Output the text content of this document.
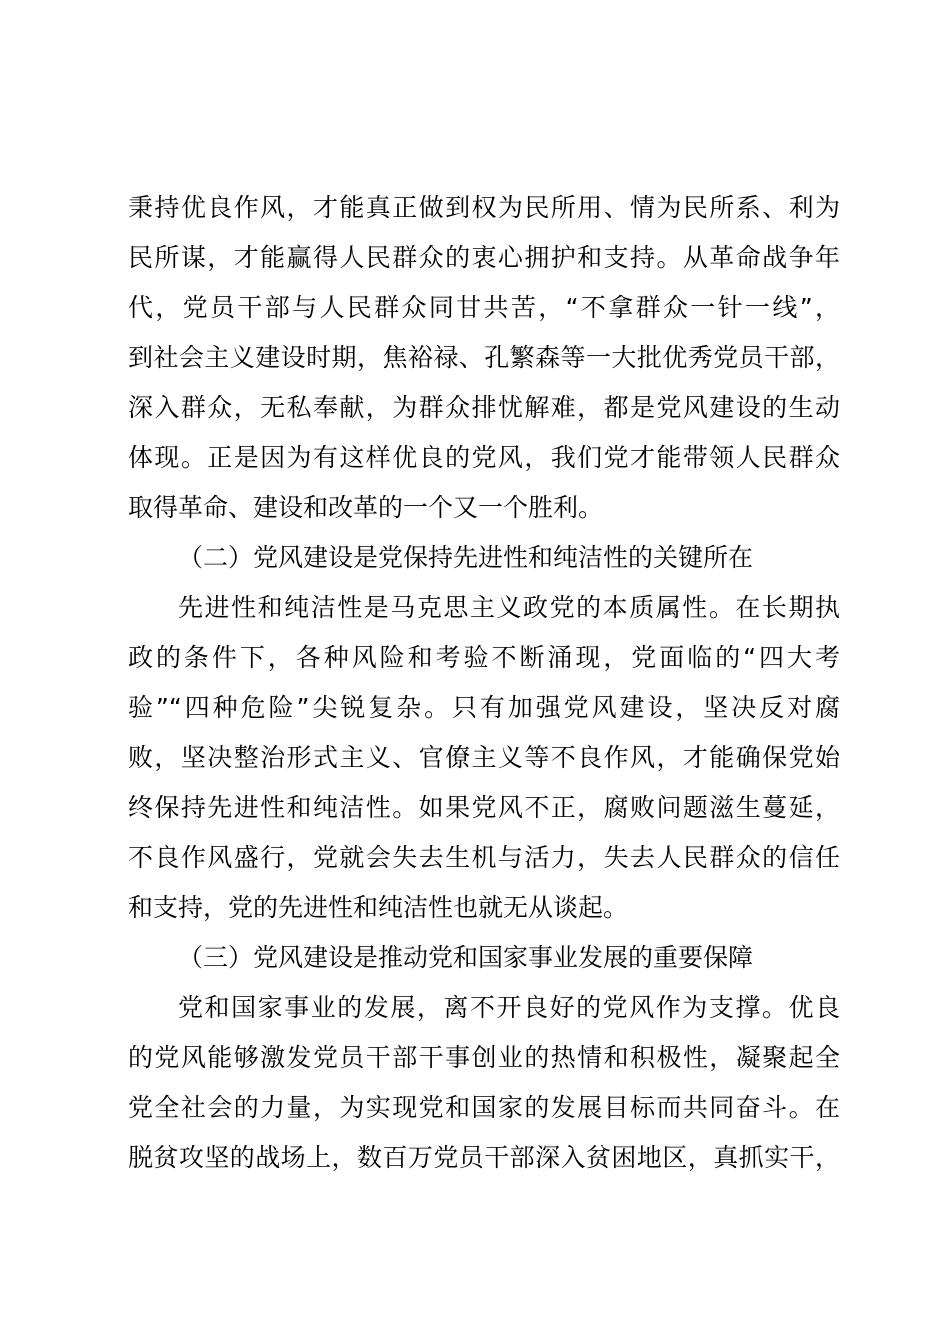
秉持优良作风，才能真正做到权为民所用、情为民所系、利为
民所谋，才能赢得人民群众的衷心拥护和支持。从革命战争年
代，党员干部与人民群众同甘共苦，“不拿群众一针一线”，
到社会主义建设时期，焦裕禄、孔繁森等一大批优秀党员干部，
深入群众，无私奉献，为群众排忧解难，都是党风建设的生动
体现。正是因为有这样优良的党风，我们党才能带领人民群众
取得革命、建设和改革的一个又一个胜利。
（二）党风建设是党保持先进性和纯洁性的关键所在
先进性和纯洁性是马克思主义政党的本质属性。在长期执
政的条件下，各种风险和考验不断涌现，党面临的“四大考
验”“四种危险”尖锐复杂。只有加强党风建设，坚决反对腐
败，坚决整治形式主义、官僚主义等不良作风，才能确保党始
终保持先进性和纯洁性。如果党风不正，腐败问题滋生蔓延，
不良作风盛行，党就会失去生机与活力，失去人民群众的信任
和支持，党的先进性和纯洁性也就无从谈起。
（三）党风建设是推动党和国家事业发展的重要保障
党和国家事业的发展，离不开良好的党风作为支撑。优良
的党风能够激发党员干部干事创业的热情和积极性，凝聚起全
党全社会的力量，为实现党和国家的发展目标而共同奋斗。在
脱贫攻坚的战场上，数百万党员干部深入贫困地区，真抓实干，
